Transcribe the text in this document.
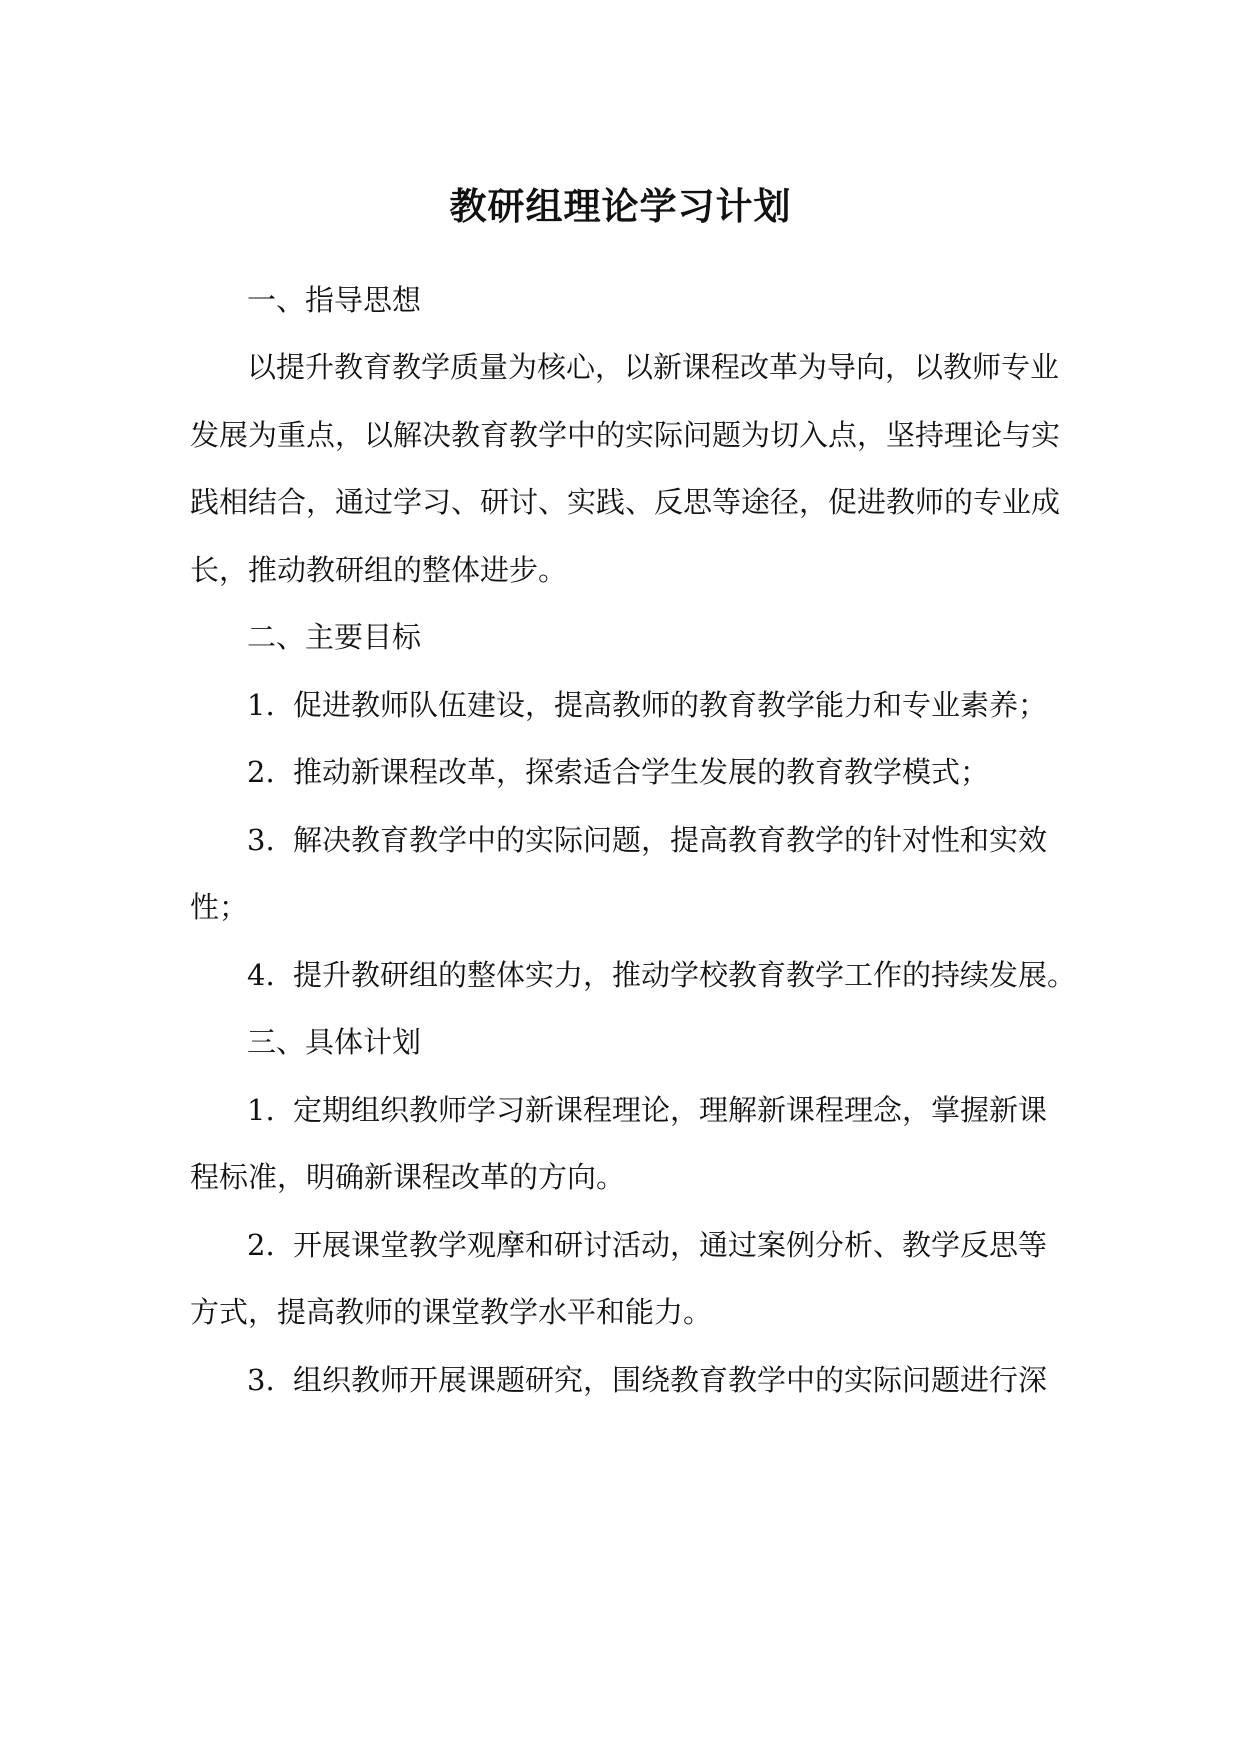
教研组理论学习计划
一、指导思想
以提升教育教学质量为核心，以新课程改革为导向，以教师专业
发展为重点，以解决教育教学中的实际问题为切入点，坚持理论与实
践相结合，通过学习、研讨、实践、反思等途径，促进教师的专业成
长，推动教研组的整体进步。
二、主要目标
1. 促进教师队伍建设，提高教师的教育教学能力和专业素养；
2. 推动新课程改革，探索适合学生发展的教育教学模式；
3. 解决教育教学中的实际问题，提高教育教学的针对性和实效
性；
4. 提升教研组的整体实力，推动学校教育教学工作的持续发展。
三、具体计划
1. 定期组织教师学习新课程理论，理解新课程理念，掌握新课
程标准，明确新课程改革的方向。
2. 开展课堂教学观摩和研讨活动，通过案例分析、教学反思等
方式，提高教师的课堂教学水平和能力。
3. 组织教师开展课题研究，围绕教育教学中的实际问题进行深
